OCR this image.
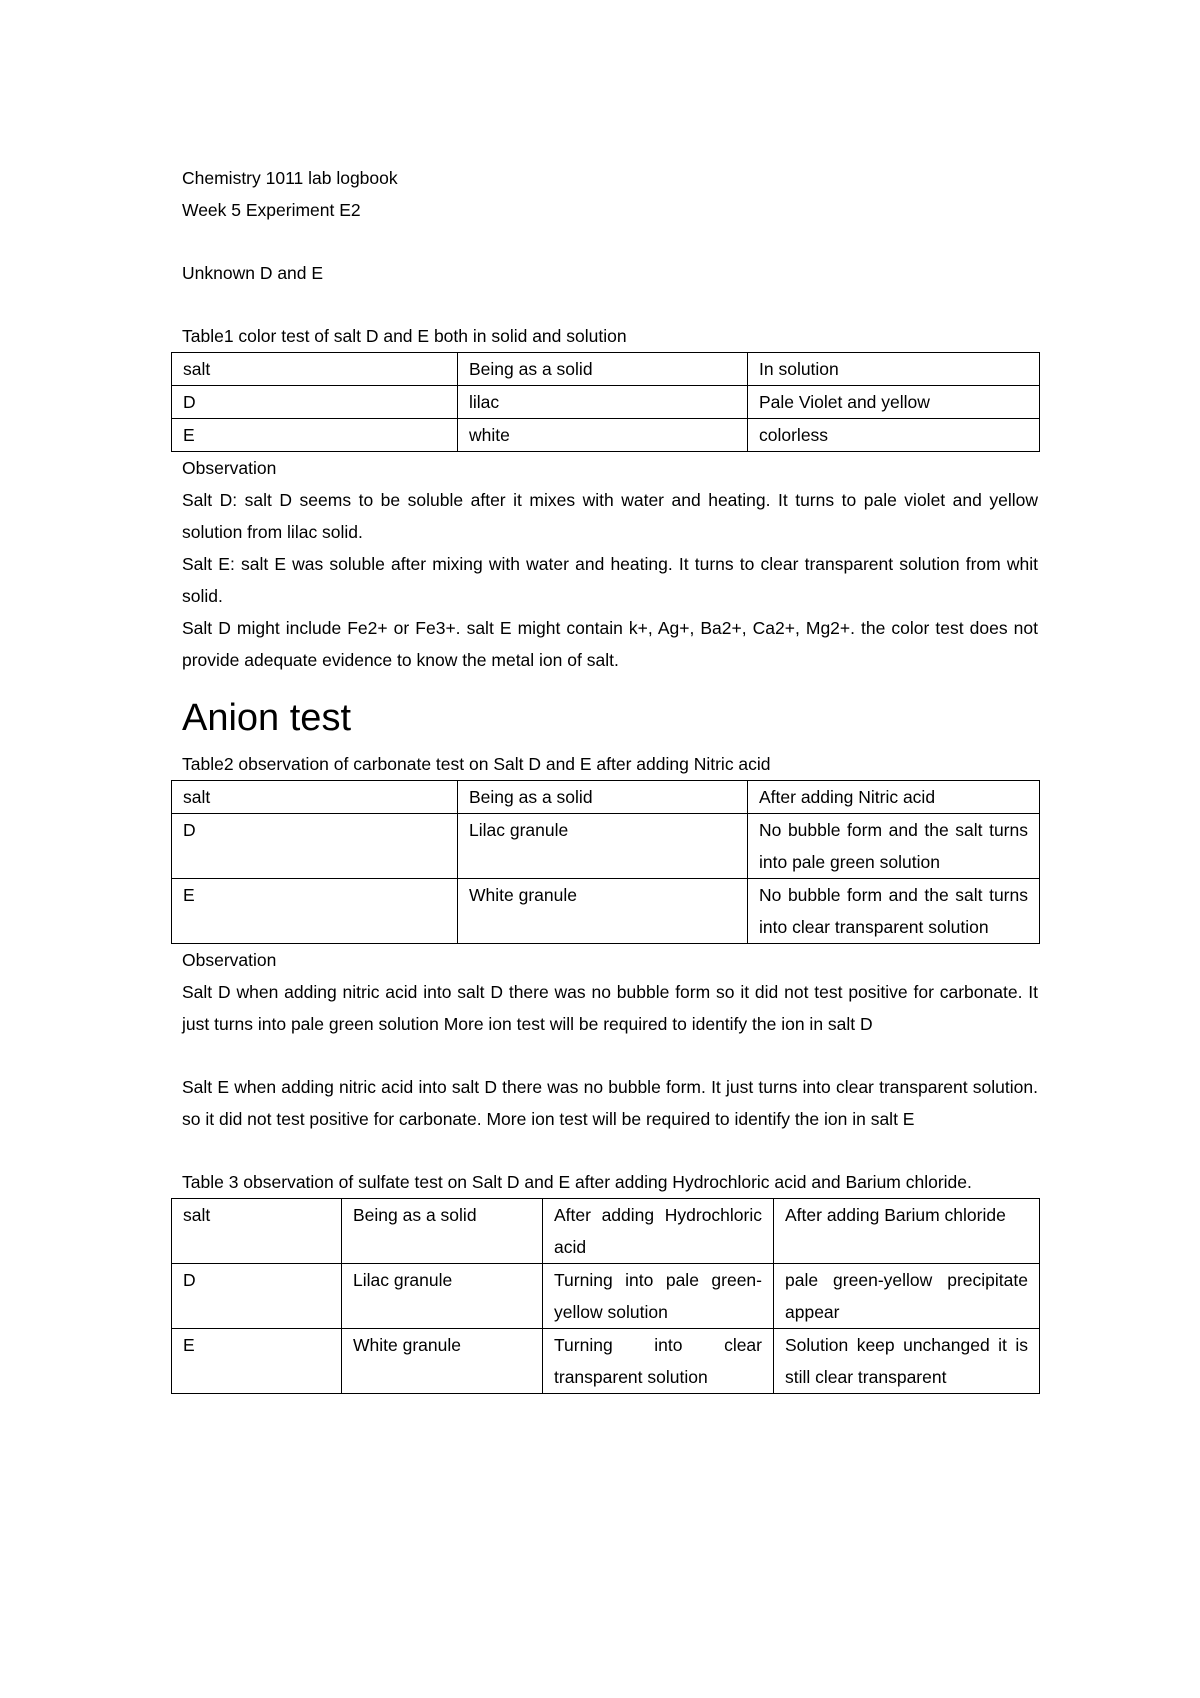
Chemistry 1011 lab logbook
Week 5 Experiment E2
Unknown D and E
Table1 color test of salt D and E both in solid and solution
salt	Being as a solid	In solution
D	lilac	Pale Violet and yellow
E	white	colorless
Observation
Salt D: salt D seems to be soluble after it mixes with water and heating. It turns to pale violet and yellow solution from lilac solid.
Salt E: salt E was soluble after mixing with water and heating. It turns to clear transparent solution from whit solid.
Salt D might include Fe2+ or Fe3+. salt E might contain k+, Ag+, Ba2+, Ca2+, Mg2+. the color test does not provide adequate evidence to know the metal ion of salt.
Anion test
Table2 observation of carbonate test on Salt D and E after adding Nitric acid
salt	Being as a solid	After adding Nitric acid
D	Lilac granule	No bubble form and the salt turns into pale green solution
E	White granule	No bubble form and the salt turns into clear transparent solution
Observation
Salt D when adding nitric acid into salt D there was no bubble form so it did not test positive for carbonate. It just turns into pale green solution More ion test will be required to identify the ion in salt D
Salt E when adding nitric acid into salt D there was no bubble form. It just turns into clear transparent solution. so it did not test positive for carbonate. More ion test will be required to identify the ion in salt E
Table 3 observation of sulfate test on Salt D and E after adding Hydrochloric acid and Barium chloride.
salt	Being as a solid	After adding Hydrochloric acid	After adding Barium chloride
D	Lilac granule	Turning into pale green-yellow solution	pale green-yellow precipitate appear
E	White granule	Turning into clear transparent solution	Solution keep unchanged it is still clear transparent
